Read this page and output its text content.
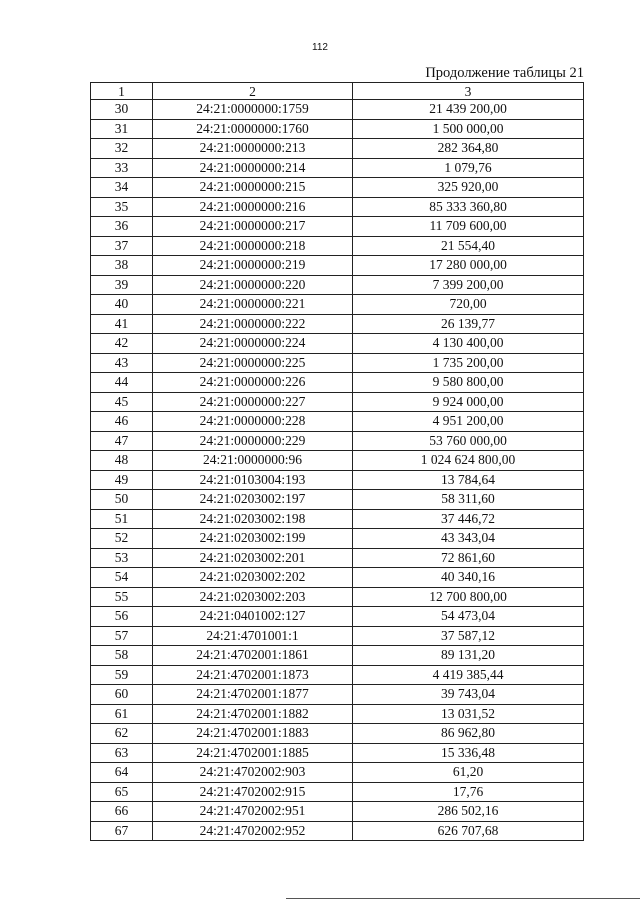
112
Продолжение таблицы 21
1	2	3
30	24:21:0000000:1759	21 439 200,00
31	24:21:0000000:1760	1 500 000,00
32	24:21:0000000:213	282 364,80
33	24:21:0000000:214	1 079,76
34	24:21:0000000:215	325 920,00
35	24:21:0000000:216	85 333 360,80
36	24:21:0000000:217	11 709 600,00
37	24:21:0000000:218	21 554,40
38	24:21:0000000:219	17 280 000,00
39	24:21:0000000:220	7 399 200,00
40	24:21:0000000:221	720,00
41	24:21:0000000:222	26 139,77
42	24:21:0000000:224	4 130 400,00
43	24:21:0000000:225	1 735 200,00
44	24:21:0000000:226	9 580 800,00
45	24:21:0000000:227	9 924 000,00
46	24:21:0000000:228	4 951 200,00
47	24:21:0000000:229	53 760 000,00
48	24:21:0000000:96	1 024 624 800,00
49	24:21:0103004:193	13 784,64
50	24:21:0203002:197	58 311,60
51	24:21:0203002:198	37 446,72
52	24:21:0203002:199	43 343,04
53	24:21:0203002:201	72 861,60
54	24:21:0203002:202	40 340,16
55	24:21:0203002:203	12 700 800,00
56	24:21:0401002:127	54 473,04
57	24:21:4701001:1	37 587,12
58	24:21:4702001:1861	89 131,20
59	24:21:4702001:1873	4 419 385,44
60	24:21:4702001:1877	39 743,04
61	24:21:4702001:1882	13 031,52
62	24:21:4702001:1883	86 962,80
63	24:21:4702001:1885	15 336,48
64	24:21:4702002:903	61,20
65	24:21:4702002:915	17,76
66	24:21:4702002:951	286 502,16
67	24:21:4702002:952	626 707,68
